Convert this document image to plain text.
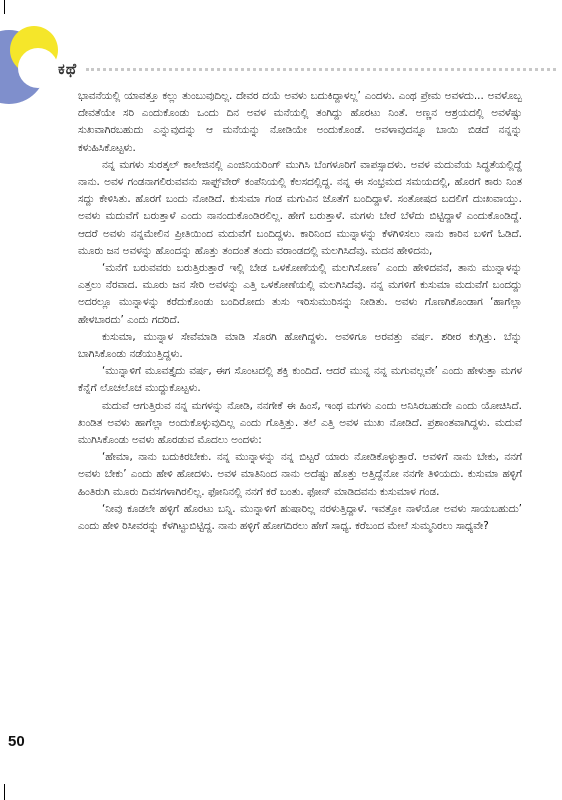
ಕಥೆ

ಭಾವನೆಯಲ್ಲಿ ಯಾವತ್ತೂ ಕಲ್ಲು ತುಂಬುವುದಿಲ್ಲ. ದೇವರ ದಯೆ ಅವಳು ಬದುಕಿದ್ದಾಳಲ್ಲ’ ಎಂದಳು. ಎಂಥ ಪ್ರೇಮ ಅವಳದು... ಅವಳೊಬ್ಬ ದೇವತೆಯೇ ಸರಿ ಎಂದುಕೊಂಡು ಒಂದು ದಿನ ಅವಳ ಮನೆಯಲ್ಲಿ ತಂಗಿದ್ದು ಹೊರಟು ನಿಂತೆ. ಅಣ್ಣನ ಆಶ್ರಯದಲ್ಲಿ ಅವಳೆಷ್ಟು ಸುಖವಾಗಿರಬಹುದು ಎನ್ನುವುದನ್ನು ಆ ಮನೆಯನ್ನು ನೋಡಿಯೇ ಅಂದುಕೊಂಡೆ. ಅವಳಾವುದನ್ನೂ ಬಾಯಿ ಬಿಡದೆ ನನ್ನನ್ನು ಕಳುಹಿಸಿಕೊಟ್ಟಳು.

ನನ್ನ ಮಗಳು ಸುರತ್ಕಲ್ ಕಾಲೇಜಿನಲ್ಲಿ ಎಂಜಿನಿಯರಿಂಗ್ ಮುಗಿಸಿ ಬೆಂಗಳೂರಿಗೆ ವಾಪಸ್ಸಾದಳು. ಅವಳ ಮದುವೆಯ ಸಿದ್ಧತೆಯಲ್ಲಿದ್ದೆ ನಾನು. ಅವಳ ಗಂಡನಾಗಲಿರುವವನು ಸಾಫ್ಟ್‌ವೇರ್ ಕಂಪೆನಿಯಲ್ಲಿ ಕೆಲಸದಲ್ಲಿದ್ದ. ನನ್ನ ಈ ಸಂಭ್ರಮದ ಸಮಯದಲ್ಲಿ, ಹೊರಗೆ ಕಾರು ನಿಂತ ಸದ್ದು ಕೇಳಿಸಿತು. ಹೊರಗೆ ಬಂದು ನೋಡಿದೆ. ಕುಸುಮಾ ಗಂಡ ಮಗುವಿನ ಜೊತೆಗೆ ಬಂದಿದ್ದಾಳೆ. ಸಂತೋಷದ ಬದಲಿಗೆ ದುಃಖವಾಯ್ತು. ಅವಳು ಮದುವೆಗೆ ಬರುತ್ತಾಳೆ ಎಂದು ನಾನಂದುಕೊಂಡಿರಲಿಲ್ಲ. ಹೇಗೆ ಬರುತ್ತಾಳೆ. ಮಗಳು ಬೇರೆ ಬೆಳೆದು ಬಿಟ್ಟಿದ್ದಾಳೆ ಎಂದುಕೊಂಡಿದ್ದೆ. ಆದರೆ ಅವಳು ನನ್ನಮೇಲಿನ ಪ್ರೀತಿಯಿಂದ ಮದುವೆಗೆ ಬಂದಿದ್ದಳು. ಕಾರಿನಿಂದ ಮುನ್ನಾಳನ್ನು ಕೆಳಗಿಳಿಸಲು ನಾನು ಕಾರಿನ ಬಳಿಗೆ ಓಡಿದೆ. ಮೂರು ಜನ ಅವಳನ್ನು ಹೊಂದನ್ನು ಹೊತ್ತು ತಂದಂತೆ ತಂದು ವರಾಂಡದಲ್ಲಿ ಮಲಗಿಸಿದೆವು. ಮದನ ಹೇಳಿದನು,

‘ಮನೆಗೆ ಬರುವವರು ಬರುತ್ತಿರುತ್ತಾರೆ ಇಲ್ಲಿ ಬೇಡ ಒಳಕೋಣೆಯಲ್ಲಿ ಮಲಗಿಸೋಣ’ ಎಂದು ಹೇಳಿದವನೆ, ತಾನು ಮುನ್ನಾಳನ್ನು ಎತ್ತಲು ನೆರವಾದ. ಮೂರು ಜನ ಸೇರಿ ಅವಳನ್ನು ಎತ್ತಿ ಒಳಕೋಣೆಯಲ್ಲಿ ಮಲಗಿಸಿದೆವು. ನನ್ನ ಮಗಳಿಗೆ ಕುಸುಮಾ ಮದುವೆಗೆ ಬಂದದ್ದು ಅದರಲ್ಲೂ ಮುನ್ನಾಳನ್ನು ಕರೆದುಕೊಂಡು ಬಂದಿರೋದು ತುಸು ಇರಿಸುಮುರಿಸನ್ನು ನೀಡಿತು. ಅವಳು ಗೊಣಗಿಕೊಂಡಾಗ ‘ಹಾಗೆಲ್ಲಾ ಹೇಳಬಾರದು’ ಎಂದು ಗದರಿದೆ.

ಕುಸುಮಾ, ಮುನ್ನಾಳ ಸೇವೆಮಾಡಿ ಮಾಡಿ ಸೊರಗಿ ಹೋಗಿದ್ದಳು. ಅವಳಿಗೂ ಅರವತ್ತು ವರ್ಷ. ಶರೀರ ಕುಗ್ಗಿತ್ತು. ಬೆನ್ನು ಬಾಗಿಸಿಕೊಂಡು ನಡೆಯುತ್ತಿದ್ದಳು.

‘ಮುನ್ನಾಳಿಗೆ ಮೂವತ್ತೈದು ವರ್ಷ, ಈಗ ಸೊಂಟದಲ್ಲಿ ಶಕ್ತಿ ಕುಂದಿದೆ. ಆದರೆ ಮುನ್ನ ನನ್ನ ಮಗುವಲ್ಲವೇ’ ಎಂದು ಹೇಳುತ್ತಾ ಮಗಳ ಕೆನ್ನೆಗೆ ಲೊಚಲೊಚ ಮುದ್ದುಕೊಟ್ಟಳು.

ಮದುವೆ ಆಗುತ್ತಿರುವ ನನ್ನ ಮಗಳನ್ನು ನೋಡಿ, ನನಗೇಕೆ ಈ ಹಿಂಸೆ, ಇಂಥ ಮಗಳು ಎಂದು ಅನಿಸಿರಬಹುದೇ ಎಂದು ಯೋಚಿಸಿದೆ. ಖಂಡಿತ ಅವಳು ಹಾಗೆಲ್ಲಾ ಅಂದುಕೊಳ್ಳುವುದಿಲ್ಲ ಎಂದು ಗೊತ್ತಿತ್ತು. ತಲೆ ಎತ್ತಿ ಅವಳ ಮುಖ ನೋಡಿದೆ. ಪ್ರಶಾಂತವಾಗಿದ್ದಳು. ಮದುವೆ ಮುಗಿಸಿಕೊಂಡು ಅವಳು ಹೊರಡುವ ಮೊದಲು ಅಂದಳು:

‘ಹೇಮಾ, ನಾನು ಬದುಕಿರಬೇಕು. ನನ್ನ ಮುನ್ನಾಳನ್ನು ನನ್ನ ಬಿಟ್ಟರೆ ಯಾರು ನೋಡಿಕೊಳ್ಳುತ್ತಾರೆ. ಅವಳಿಗೆ ನಾನು ಬೇಕು, ನನಗೆ ಅವಳು ಬೇಕು’ ಎಂದು ಹೇಳಿ ಹೋದಳು. ಅವಳ ಮಾತಿನಿಂದ ನಾನು ಅದೆಷ್ಟು ಹೊತ್ತು ಅತ್ತಿದ್ದೆನೋ ನನಗೇ ತಿಳಿಯದು. ಕುಸುಮಾ ಹಳ್ಳಿಗೆ ಹಿಂತಿರುಗಿ ಮೂರು ದಿವಸಗಳಾಗಿರಲಿಲ್ಲ. ಫೋನಿನಲ್ಲಿ ನನಗೆ ಕರೆ ಬಂತು. ಫೋನ್ ಮಾಡಿದವನು ಕುಸುಮಾಳ ಗಂಡ.

‘ನೀವು ಕೂಡಲೇ ಹಳ್ಳಿಗೆ ಹೊರಟು ಬನ್ನಿ. ಮುನ್ನಾಳಿಗೆ ಹುಷಾರಿಲ್ಲ ನರಳುತ್ತಿದ್ದಾಳೆ. ಇವತ್ತೋ ನಾಳೆಯೋ ಅವಳು ಸಾಯಬಹುದು’ ಎಂದು ಹೇಳಿ ರಿಸೀವರನ್ನು ಕೆಳಗಿಟ್ಟುಬಿಟ್ಟಿದ್ದ. ನಾನು ಹಳ್ಳಿಗೆ ಹೋಗದಿರಲು ಹೇಗೆ ಸಾಧ್ಯ. ಕರೆಬಂದ ಮೇಲೆ ಸುಮ್ಮನಿರಲು ಸಾಧ್ಯವೇ?

50
